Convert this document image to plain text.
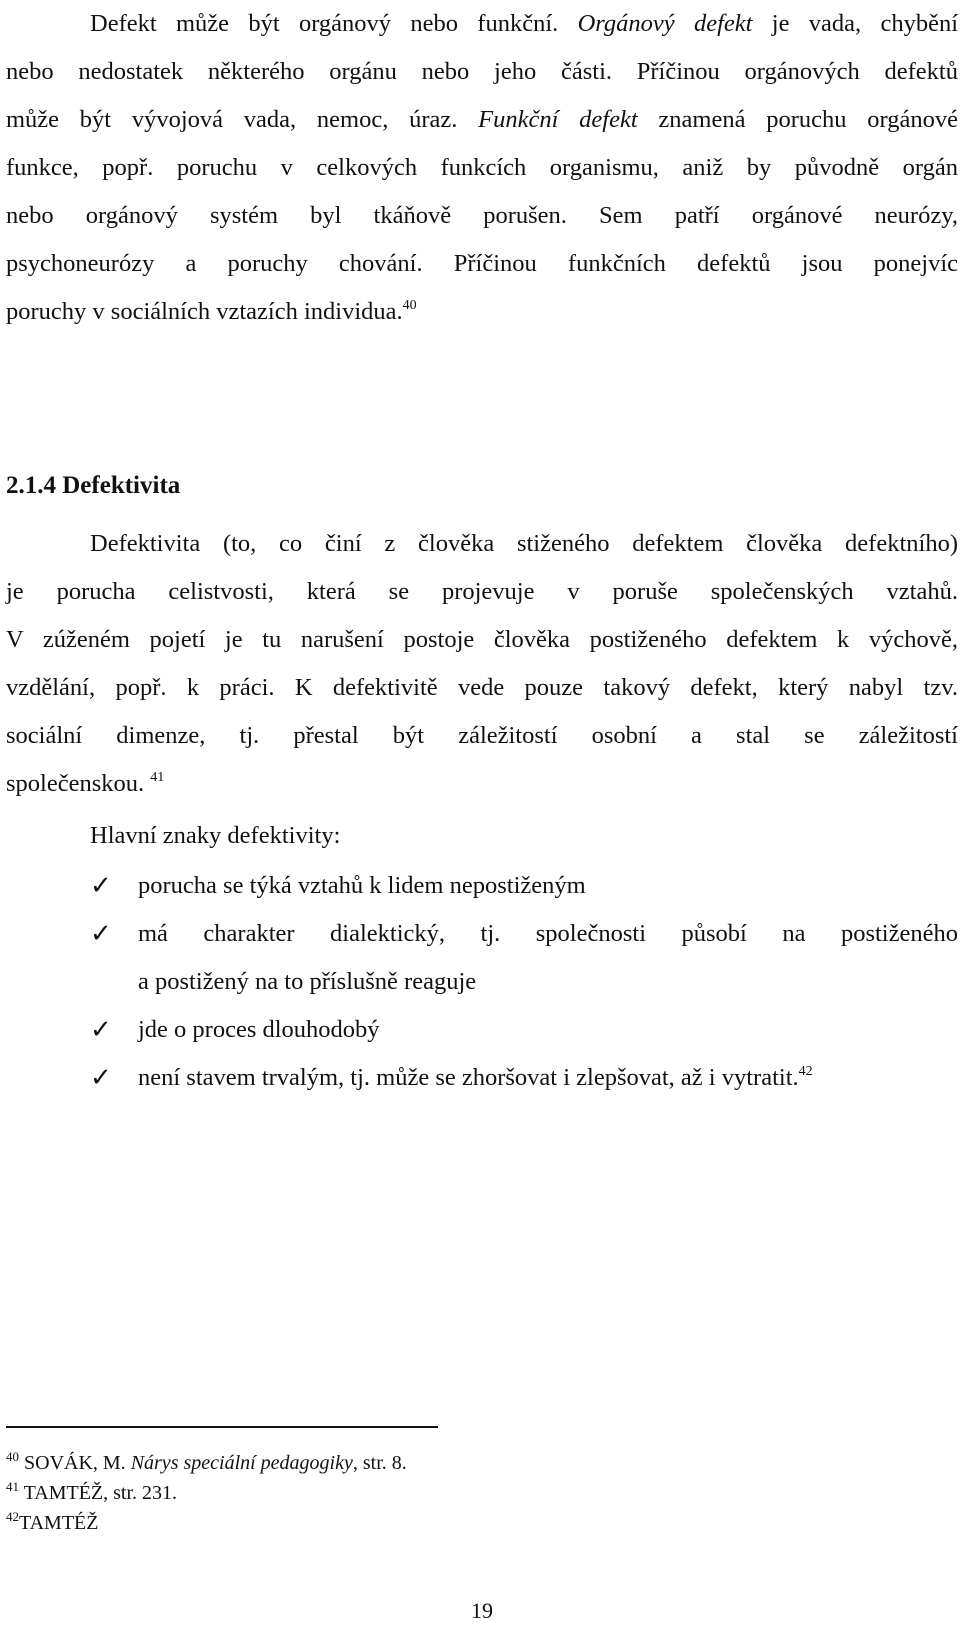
Defekt může být orgánový nebo funkční. Orgánový defekt je vada, chybění
nebo nedostatek některého orgánu nebo jeho části. Příčinou orgánových defektů
může být vývojová vada, nemoc, úraz. Funkční defekt znamená poruchu orgánové
funkce, popř. poruchu v celkových funkcích organismu, aniž by původně orgán
nebo orgánový systém byl tkáňově porušen. Sem patří orgánové neurózy,
psychoneurózy a poruchy chování. Příčinou funkčních defektů jsou ponejvíc
poruchy v sociálních vztazích individua.$^{40}$
2.1.4 Defektivita
Defektivita (to, co činí z člověka stiženého defektem člověka defektního)
je porucha celistvosti, která se projevuje v poruše společenských vztahů.
V zúženém pojetí je tu narušení postoje člověka postiženého defektem k výchově,
vzdělání, popř. k práci. K defektivitě vede pouze takový defekt, který nabyl tzv.
sociální dimenze, tj. přestal být záležitostí osobní a stal se záležitostí
společenskou. $^{41}$
Hlavní znaky defektivity:
✓	porucha se týká vztahů k lidem nepostiženým
✓	má charakter dialektický, tj. společnosti působí na postiženého
a postižený na to příslušně reaguje
✓	jde o proces dlouhodobý
✓	není stavem trvalým, tj. může se zhoršovat i zlepšovat, až i vytratit.$^{42}$
$^{40}$ SOVÁK, M. Nárys speciální pedagogiky, str. 8.
$^{41}$ TAMTÉŽ, str. 231.
$^{42}$TAMTÉŽ
19
